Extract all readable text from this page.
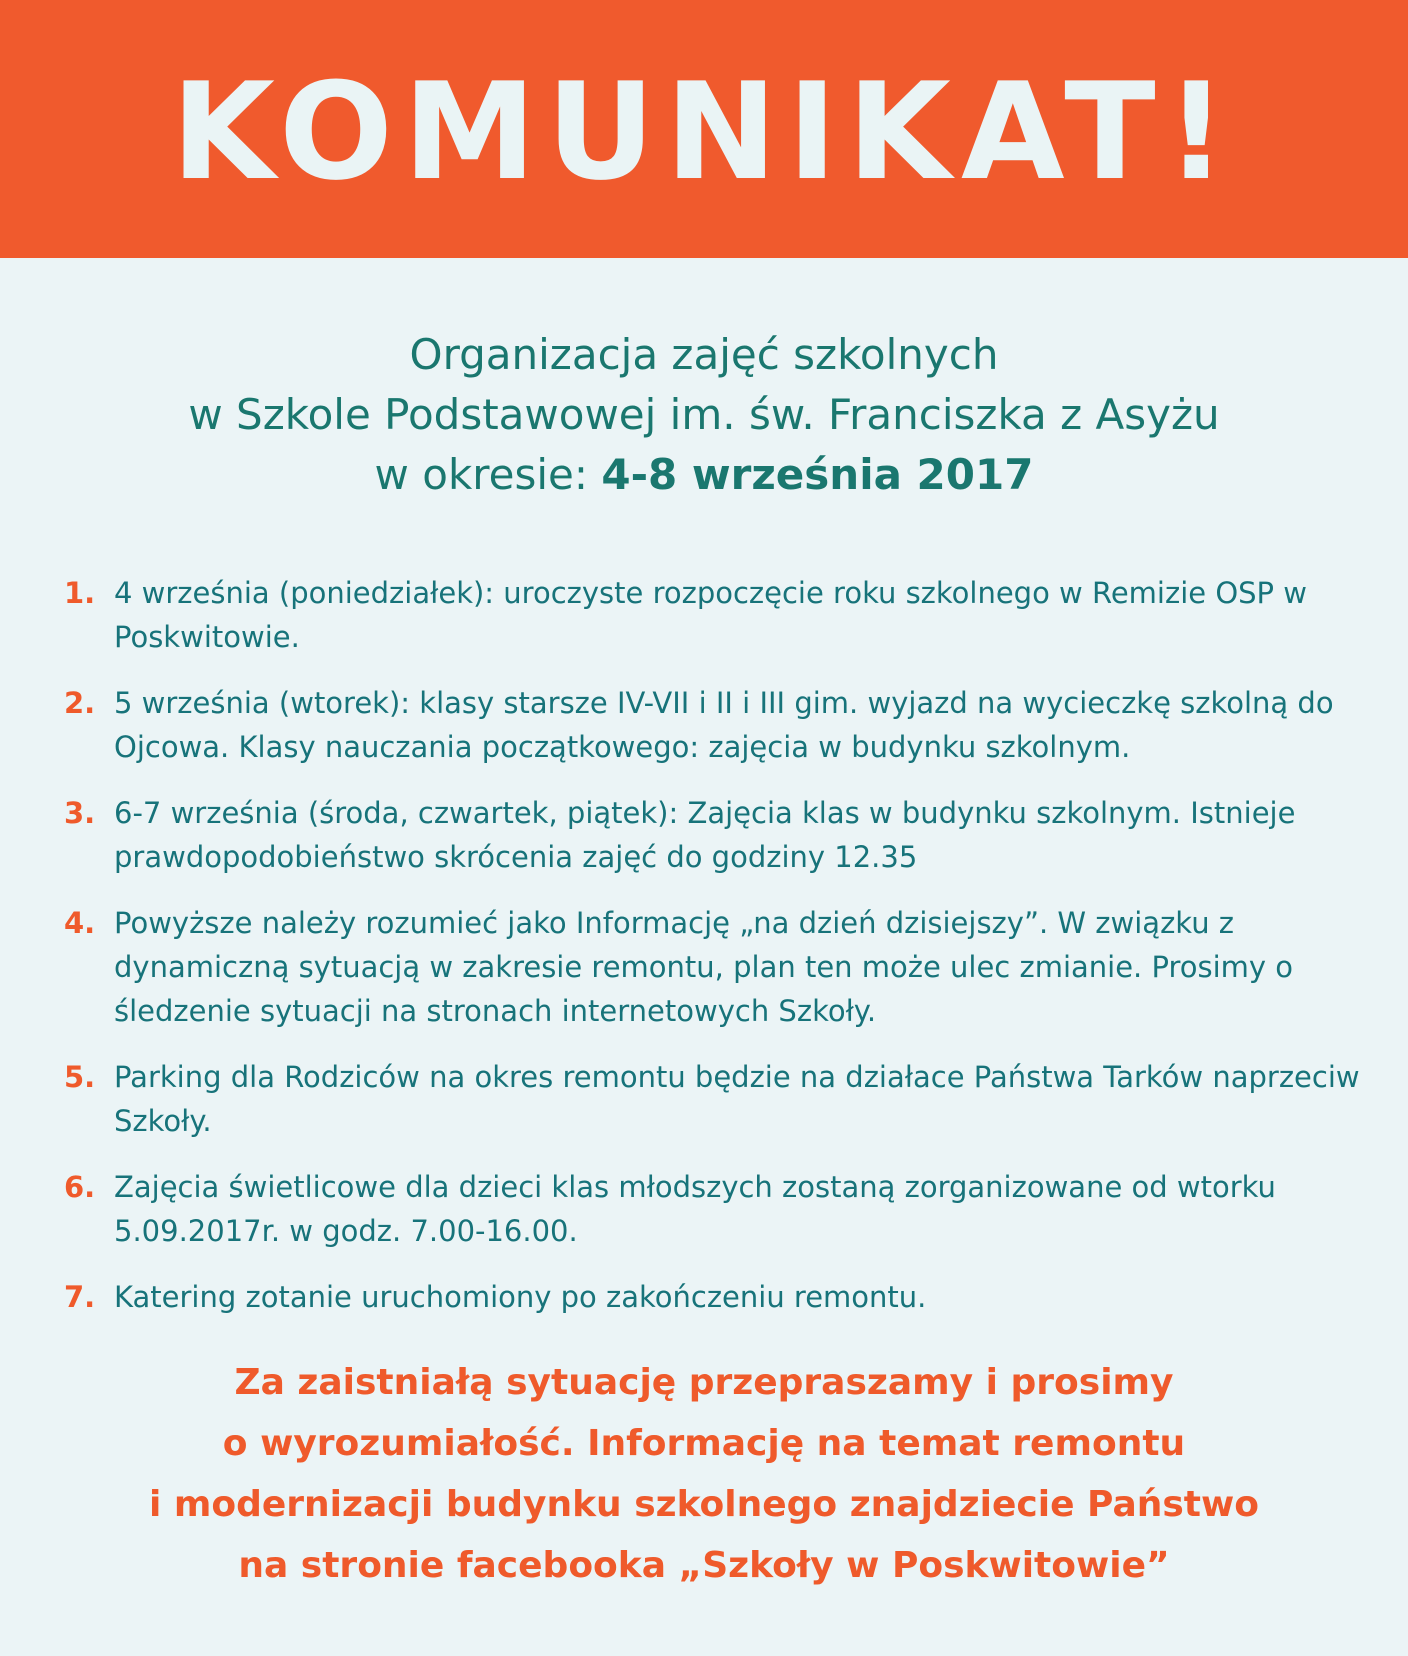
KOMUNIKAT!
Organizacja zajęć szkolnych
w Szkole Podstawowej im. św. Franciszka z Asyżu
w okresie: 4-8 września 2017
1. 4 września (poniedziałek): uroczyste rozpoczęcie roku szkolnego w Remizie OSP w Poskwitowie.
2. 5 września (wtorek): klasy starsze IV-VII i II i III gim. wyjazd na wycieczkę szkolną do Ojcowa. Klasy nauczania początkowego: zajęcia w budynku szkolnym.
3. 6-7 września (środa, czwartek, piątek): Zajęcia klas w budynku szkolnym. Istnieje prawdopodobieństwo skrócenia zajęć do godziny 12.35
4. Powyższe należy rozumieć jako Informację „na dzień dzisiejszy”. W związku z dynamiczną sytuacją w zakresie remontu, plan ten może ulec zmianie. Prosimy o śledzenie sytuacji na stronach internetowych Szkoły.
5. Parking dla Rodziców na okres remontu będzie na działace Państwa Tarków naprzeciw Szkoły.
6. Zajęcia świetlicowe dla dzieci klas młodszych zostaną zorganizowane od wtorku 5.09.2017r. w godz. 7.00-16.00.
7. Katering zotanie uruchomiony po zakończeniu remontu.
Za zaistniałą sytuację przepraszamy i prosimy
o wyrozumiałość. Informację na temat remontu
i modernizacji budynku szkolnego znajdziecie Państwo
na stronie facebooka „Szkoły w Poskwitowie”
